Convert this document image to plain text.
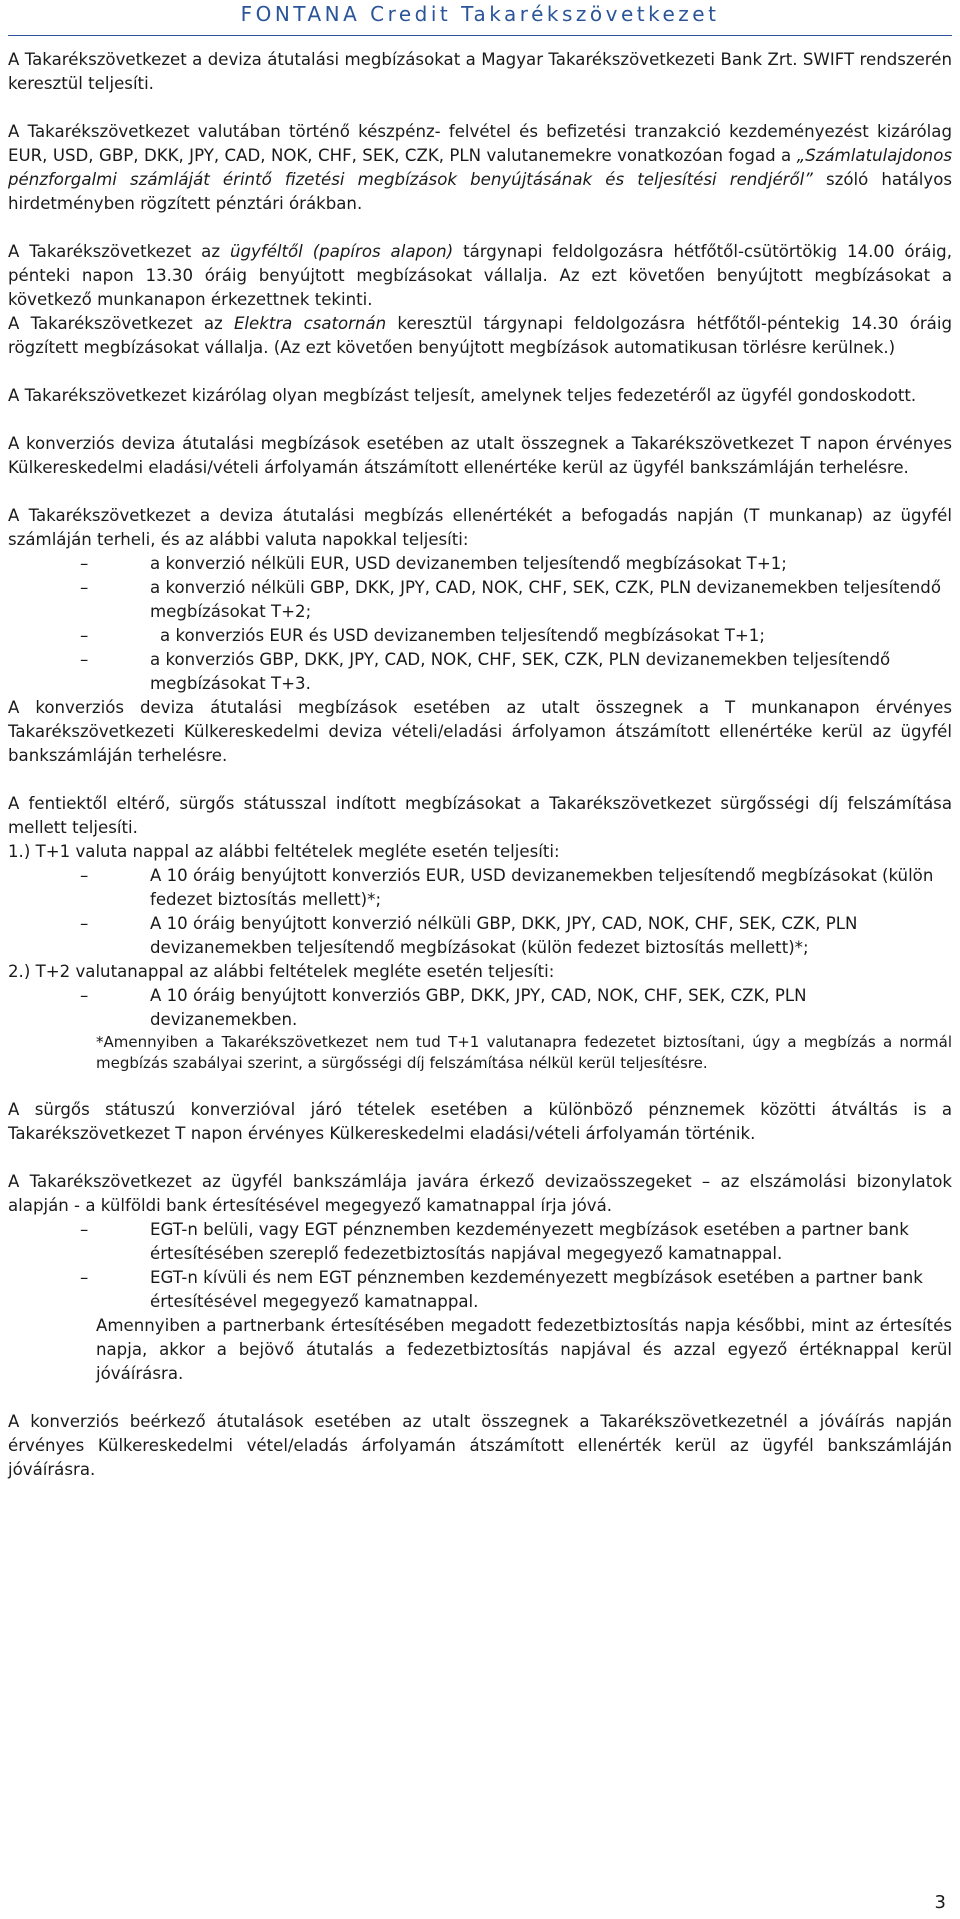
FONTANA Credit Takarékszövetkezet

A Takarékszövetkezet a deviza átutalási megbízásokat a Magyar Takarékszövetkezeti Bank Zrt. SWIFT rendszerén keresztül teljesíti.

A Takarékszövetkezet valutában történő készpénz- felvétel és befizetési tranzakció kezdeményezést kizárólag EUR, USD, GBP, DKK, JPY, CAD, NOK, CHF, SEK, CZK, PLN valutanemekre vonatkozóan fogad a „Számlatulajdonos pénzforgalmi számláját érintő fizetési megbízások benyújtásának és teljesítési rendjéről” szóló hatályos hirdetményben rögzített pénztári órákban.

A Takarékszövetkezet az ügyféltől (papíros alapon) tárgynapi feldolgozásra hétfőtől-csütörtökig 14.00 óráig, pénteki napon 13.30 óráig benyújtott megbízásokat vállalja. Az ezt követően benyújtott megbízásokat a következő munkanapon érkezettnek tekinti.

A Takarékszövetkezet az Elektra csatornán keresztül tárgynapi feldolgozásra hétfőtől-péntekig 14.30 óráig rögzített megbízásokat vállalja. (Az ezt követően benyújtott megbízások automatikusan törlésre kerülnek.)

A Takarékszövetkezet kizárólag olyan megbízást teljesít, amelynek teljes fedezetéről az ügyfél gondoskodott.

A konverziós deviza átutalási megbízások esetében az utalt összegnek a Takarékszövetkezet T napon érvényes Külkereskedelmi eladási/vételi árfolyamán átszámított ellenértéke kerül az ügyfél bankszámláján terhelésre.

A Takarékszövetkezet a deviza átutalási megbízás ellenértékét a befogadás napján (T munkanap) az ügyfél számláján terheli, és az alábbi valuta napokkal teljesíti:

–	a konverzió nélküli EUR, USD devizanemben teljesítendő megbízásokat T+1;
–	a konverzió nélküli GBP, DKK, JPY, CAD, NOK, CHF, SEK, CZK, PLN devizanemekben teljesítendő megbízásokat T+2;
–	a konverziós EUR és USD devizanemben teljesítendő megbízásokat T+1;
–	a konverziós GBP, DKK, JPY, CAD, NOK, CHF, SEK, CZK, PLN devizanemekben teljesítendő megbízásokat T+3.

A konverziós deviza átutalási megbízások esetében az utalt összegnek a T munkanapon érvényes Takarékszövetkezeti Külkereskedelmi deviza vételi/eladási árfolyamon átszámított ellenértéke kerül az ügyfél bankszámláján terhelésre.

A fentiektől eltérő, sürgős státusszal indított megbízásokat a Takarékszövetkezet sürgősségi díj felszámítása mellett teljesíti.

1.) T+1 valuta nappal az alábbi feltételek megléte esetén teljesíti:

–	A 10 óráig benyújtott konverziós EUR, USD devizanemekben teljesítendő megbízásokat (külön fedezet biztosítás mellett)*;
–	A 10 óráig benyújtott konverzió nélküli GBP, DKK, JPY, CAD, NOK, CHF, SEK, CZK, PLN devizanemekben teljesítendő megbízásokat (külön fedezet biztosítás mellett)*;

2.) T+2 valutanappal az alábbi feltételek megléte esetén teljesíti:

–	A 10 óráig benyújtott konverziós GBP, DKK, JPY, CAD, NOK, CHF, SEK, CZK, PLN devizanemekben.

*Amennyiben a Takarékszövetkezet nem tud T+1 valutanapra fedezetet biztosítani, úgy a megbízás a normál megbízás szabályai szerint, a sürgősségi díj felszámítása nélkül kerül teljesítésre.

A sürgős státuszú konverzióval járó tételek esetében a különböző pénznemek közötti átváltás is a Takarékszövetkezet T napon érvényes Külkereskedelmi eladási/vételi árfolyamán történik.

A Takarékszövetkezet az ügyfél bankszámlája javára érkező devizaösszegeket – az elszámolási bizonylatok alapján - a külföldi bank értesítésével megegyező kamatnappal írja jóvá.

–	EGT-n belüli, vagy EGT pénznemben kezdeményezett megbízások esetében a partner bank értesítésében szereplő fedezetbiztosítás napjával megegyező kamatnappal.
–	EGT-n kívüli és nem EGT pénznemben kezdeményezett megbízások esetében a partner bank értesítésével megegyező kamatnappal.

Amennyiben a partnerbank értesítésében megadott fedezetbiztosítás napja későbbi, mint az értesítés napja, akkor a bejövő átutalás a fedezetbiztosítás napjával és azzal egyező értéknappal kerül jóváírásra.

A konverziós beérkező átutalások esetében az utalt összegnek a Takarékszövetkezetnél a jóváírás napján érvényes Külkereskedelmi vétel/eladás árfolyamán átszámított ellenérték kerül az ügyfél bankszámláján jóváírásra.

3
